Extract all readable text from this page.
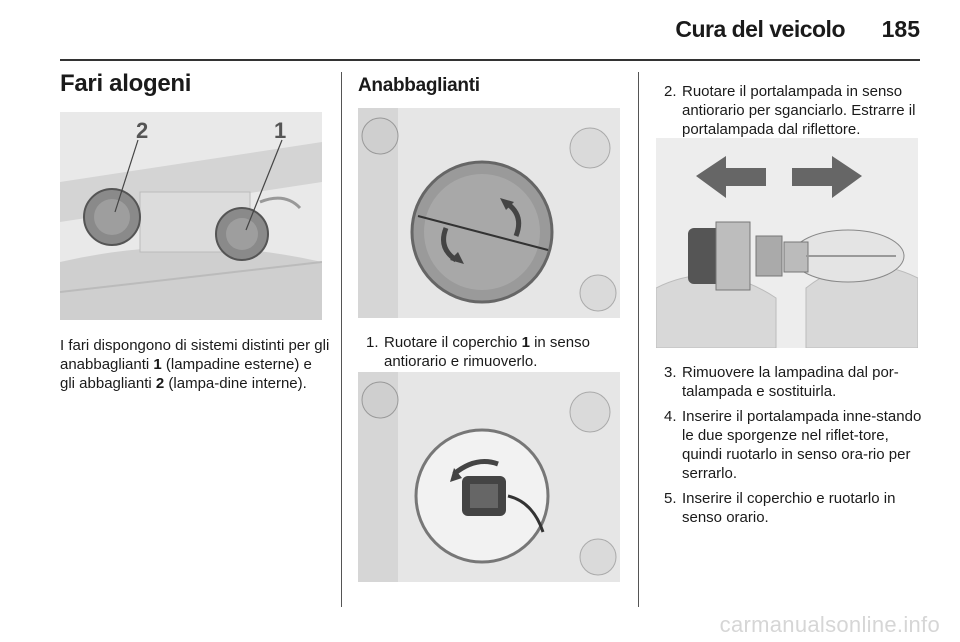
Cura del veicolo 185
Fari alogeni
2	1

I fari dispongono di sistemi distinti per gli anabbaglianti 1 (lampadine esterne) e gli abbaglianti 2 (lampa-dine interne).

Anabbaglianti
1. Ruotare il coperchio 1 in senso antiorario e rimuoverlo.
2. Ruotare il portalampada in senso antiorario per sganciarlo. Estrarre il portalampada dal riflettore.
3. Rimuovere la lampadina dal por-talampada e sostituirla.
4. Inserire il portalampada inne-stando le due sporgenze nel riflet-tore, quindi ruotarlo in senso ora-rio per serrarlo.
5. Inserire il coperchio e ruotarlo in senso orario.
carmanualsonline.info
